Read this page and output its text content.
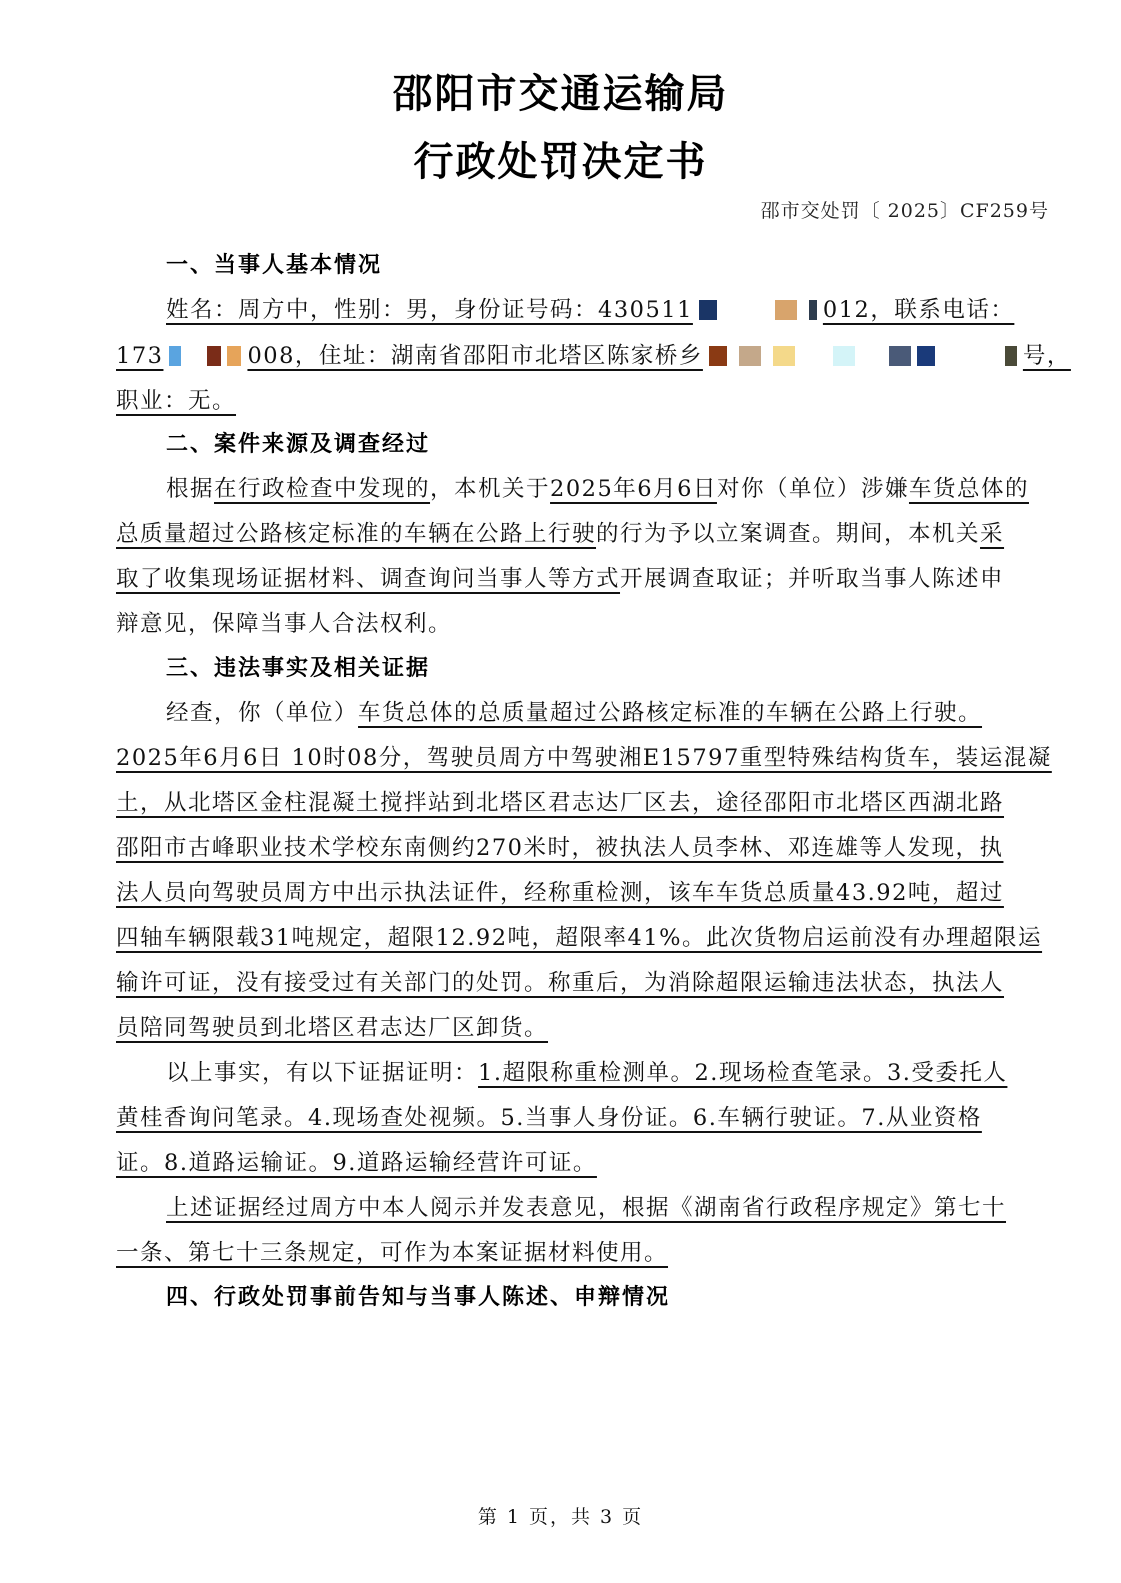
邵阳市交通运输局
行政处罚决定书
邵市交处罚〔 2025〕CF259号
一、当事人基本情况
姓名：周方中，性别：男，身份证号码：430511	012，联系电话：
173	008，住址：湖南省邵阳市北塔区陈家桥乡	号，
职业：无。
二、案件来源及调查经过
根据在行政检查中发现的，本机关于2025年6月6日对你（单位）涉嫌车货总体的
总质量超过公路核定标准的车辆在公路上行驶的行为予以立案调查。期间，本机关采
取了收集现场证据材料、调查询问当事人等方式开展调查取证；并听取当事人陈述申
辩意见，保障当事人合法权利。
三、违法事实及相关证据
经查，你（单位）车货总体的总质量超过公路核定标准的车辆在公路上行驶。
2025年6月6日 10时08分，驾驶员周方中驾驶湘E15797重型特殊结构货车，装运混凝
土，从北塔区金柱混凝土搅拌站到北塔区君志达厂区去，途径邵阳市北塔区西湖北路
邵阳市古峰职业技术学校东南侧约270米时，被执法人员李林、邓连雄等人发现，执
法人员向驾驶员周方中出示执法证件，经称重检测，该车车货总质量43.92吨，超过
四轴车辆限载31吨规定，超限12.92吨，超限率41%。此次货物启运前没有办理超限运
输许可证，没有接受过有关部门的处罚。称重后，为消除超限运输违法状态，执法人
员陪同驾驶员到北塔区君志达厂区卸货。
以上事实，有以下证据证明：1.超限称重检测单。2.现场检查笔录。3.受委托人
黄桂香询问笔录。4.现场查处视频。5.当事人身份证。6.车辆行驶证。7.从业资格
证。8.道路运输证。9.道路运输经营许可证。
上述证据经过周方中本人阅示并发表意见，根据《湖南省行政程序规定》第七十
一条、第七十三条规定，可作为本案证据材料使用。
四、行政处罚事前告知与当事人陈述、申辩情况
第 1 页，共 3 页
